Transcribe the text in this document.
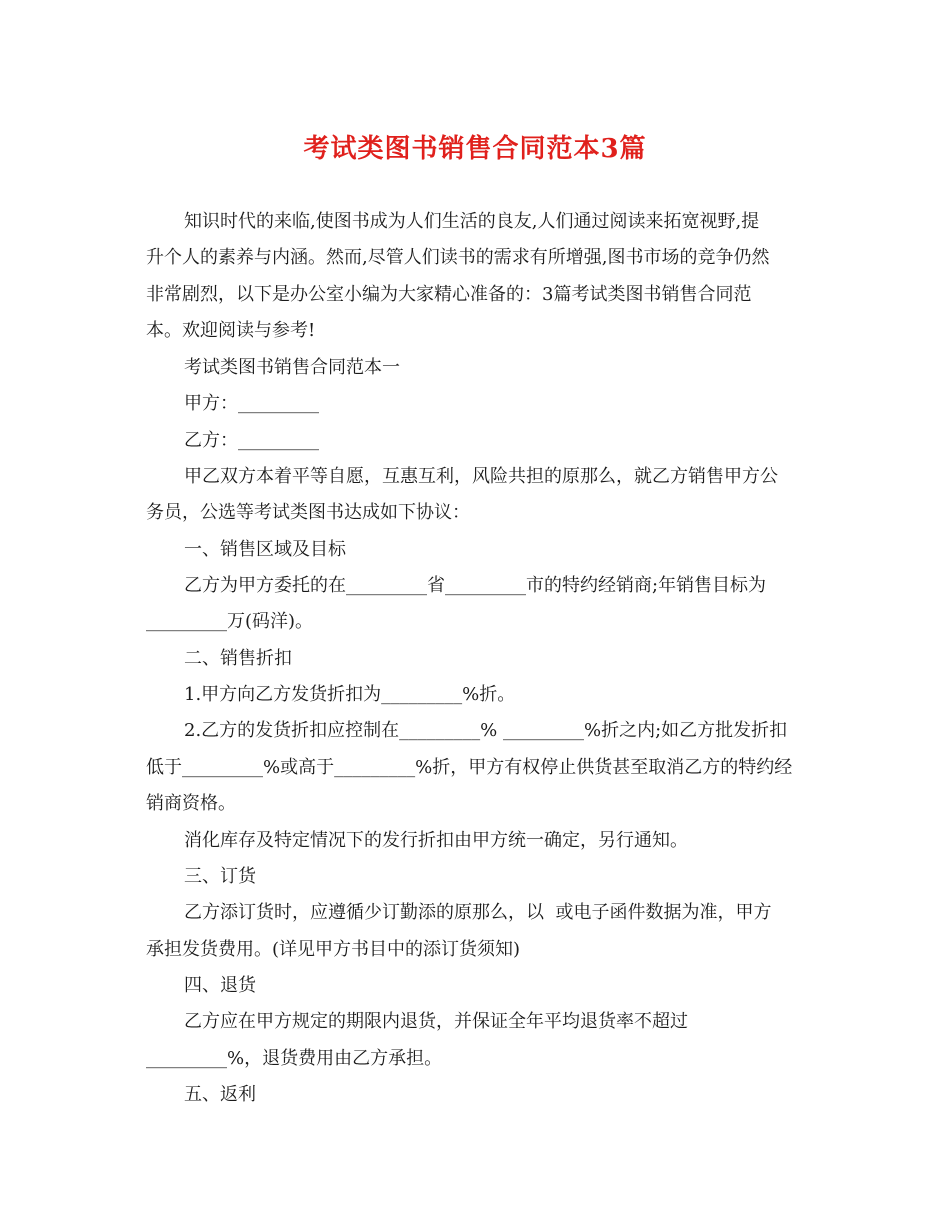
考试类图书销售合同范本3篇
知识时代的来临,使图书成为人们生活的良友,人们通过阅读来拓宽视野,提
升个人的素养与内涵。然而,尽管人们读书的需求有所增强,图书市场的竞争仍然
非常剧烈，以下是办公室小编为大家精心准备的：3篇考试类图书销售合同范
本。欢迎阅读与参考!
考试类图书销售合同范本一
甲方：_________
乙方：_________
甲乙双方本着平等自愿，互惠互利，风险共担的原那么，就乙方销售甲方公
务员，公选等考试类图书达成如下协议：
一、销售区域及目标
乙方为甲方委托的在_________省_________市的特约经销商;年销售目标为
_________万(码洋)。
二、销售折扣
1.甲方向乙方发货折扣为_________%折。
2.乙方的发货折扣应控制在_________% _________%折之内;如乙方批发折扣
低于_________%或高于_________%折，甲方有权停止供货甚至取消乙方的特约经
销商资格。
消化库存及特定情况下的发行折扣由甲方统一确定，另行通知。
三、订货
乙方添订货时，应遵循少订勤添的原那么，以  或电子函件数据为准，甲方
承担发货费用。(详见甲方书目中的添订货须知)
四、退货
乙方应在甲方规定的期限内退货，并保证全年平均退货率不超过
_________%，退货费用由乙方承担。
五、返利
